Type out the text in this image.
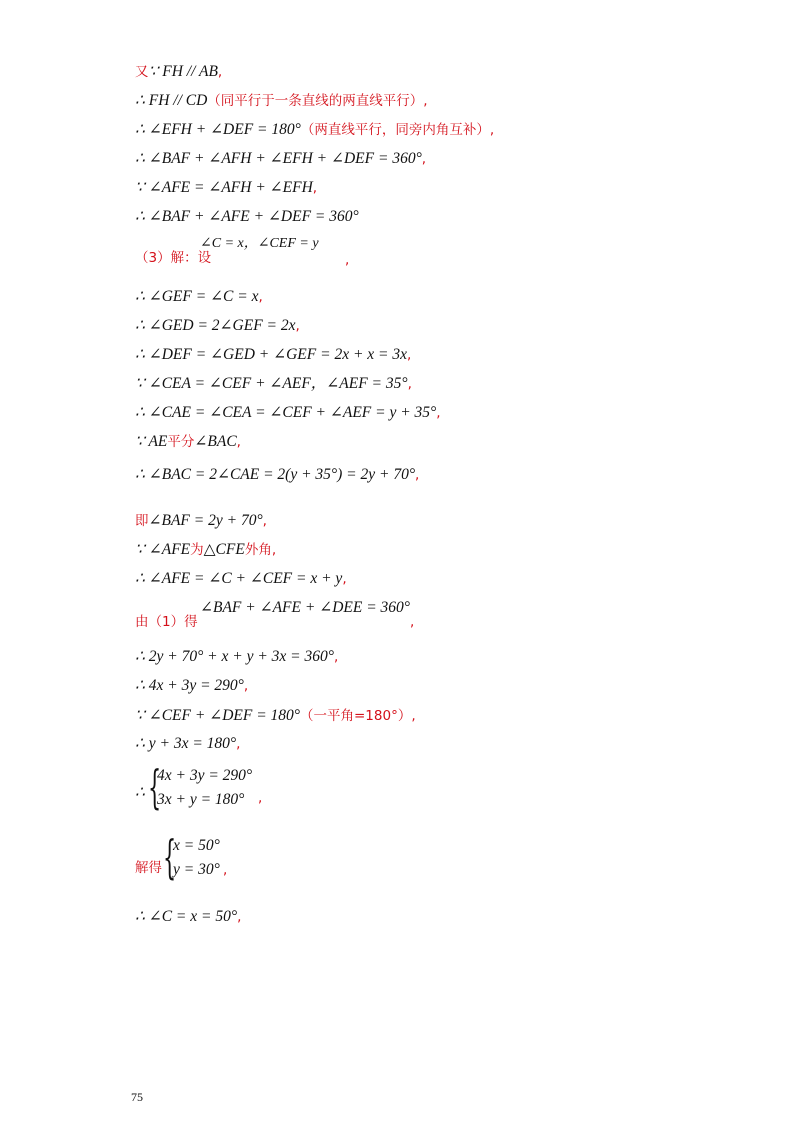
又∵ FH // AB,
∴ FH // CD（同平行于一条直线的两直线平行）,
∴ ∠EFH + ∠DEF = 180°（两直线平行，同旁内角互补）,
∴ ∠BAF + ∠AFH + ∠EFH + ∠DEF = 360°,
∵ ∠AFE = ∠AFH + ∠EFH,
∴ ∠BAF + ∠AFE + ∠DEF = 360°
∠C = x，∠CEF = y
（3）解：设	,
∴ ∠GEF = ∠C = x,
∴ ∠GED = 2∠GEF = 2x,
∴ ∠DEF = ∠GED + ∠GEF = 2x + x = 3x,
∵ ∠CEA = ∠CEF + ∠AEF，∠AEF = 35°,
∴ ∠CAE = ∠CEA = ∠CEF + ∠AEF = y + 35°,
∵ AE平分∠BAC,
∴ ∠BAC = 2∠CAE = 2(y + 35°) = 2y + 70°,
即∠BAF = 2y + 70°,
∵ ∠AFE为△CFE外角,
∴ ∠AFE = ∠C + ∠CEF = x + y,
∠BAF + ∠AFE + ∠DEE = 360°
由（1）得	,
∴ 2y + 70° + x + y + 3x = 360°,
∴ 4x + 3y = 290°,
∵ ∠CEF + ∠DEF = 180°（一平角=180°）,
∴ y + 3x = 180°,
∴ {
4x + 3y = 290°
3x + y = 180°	,
解得 {
x = 50°
y = 30° ,
∴ ∠C = x = 50°,
75
